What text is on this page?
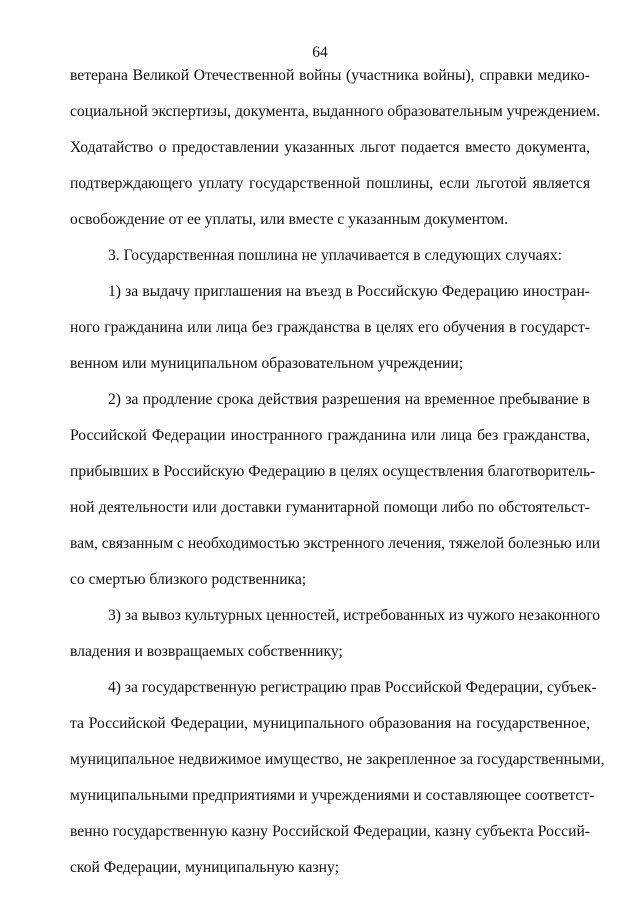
64
ветерана Великой Отечественной войны (участника войны), справки медико-
социальной экспертизы, документа, выданного образовательным учреждением.
Ходатайство о предоставлении указанных льгот подается вместо документа,
подтверждающего уплату государственной пошлины, если льготой является
освобождение от ее уплаты, или вместе с указанным документом.
3. Государственная пошлина не уплачивается в следующих случаях:
1) за выдачу приглашения на въезд в Российскую Федерацию иностран-
ного гражданина или лица без гражданства в целях его обучения в государст-
венном или муниципальном образовательном учреждении;
2) за продление срока действия разрешения на временное пребывание в
Российской Федерации иностранного гражданина или лица без гражданства,
прибывших в Российскую Федерацию в целях осуществления благотворитель-
ной деятельности или доставки гуманитарной помощи либо по обстоятельст-
вам, связанным с необходимостью экстренного лечения, тяжелой болезнью или
со смертью близкого родственника;
3) за вывоз культурных ценностей, истребованных из чужого незаконного
владения и возвращаемых собственнику;
4) за государственную регистрацию прав Российской Федерации, субъек-
та Российской Федерации, муниципального образования на государственное,
муниципальное недвижимое имущество, не закрепленное за государственными,
муниципальными предприятиями и учреждениями и составляющее соответст-
венно государственную казну Российской Федерации, казну субъекта Россий-
ской Федерации, муниципальную казну;
